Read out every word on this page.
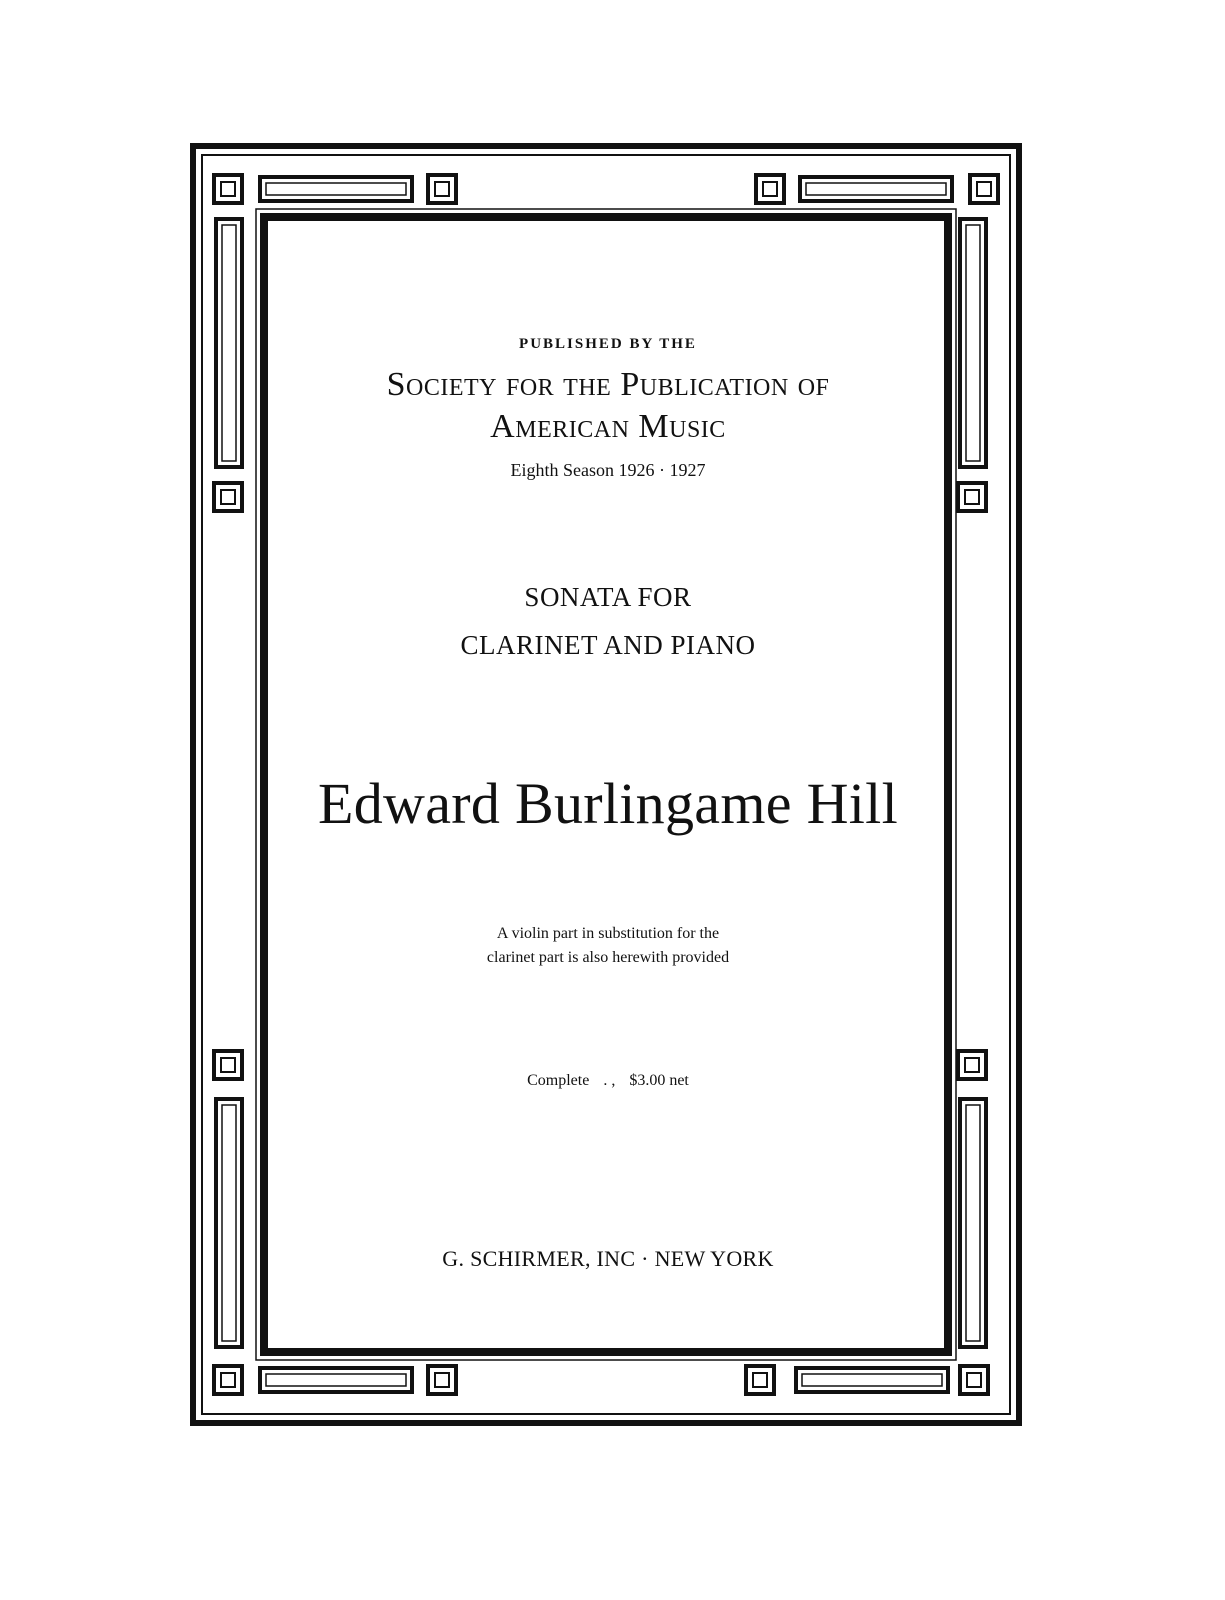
PUBLISHED BY THE
Society for the Publication of
American Music
Eighth Season 1926 · 1927
SONATA FOR
CLARINET AND PIANO
Edward Burlingame Hill
A violin part in substitution for the
clarinet part is also herewith provided
Complete . , $3.00 net
G. SCHIRMER, INC · NEW YORK
